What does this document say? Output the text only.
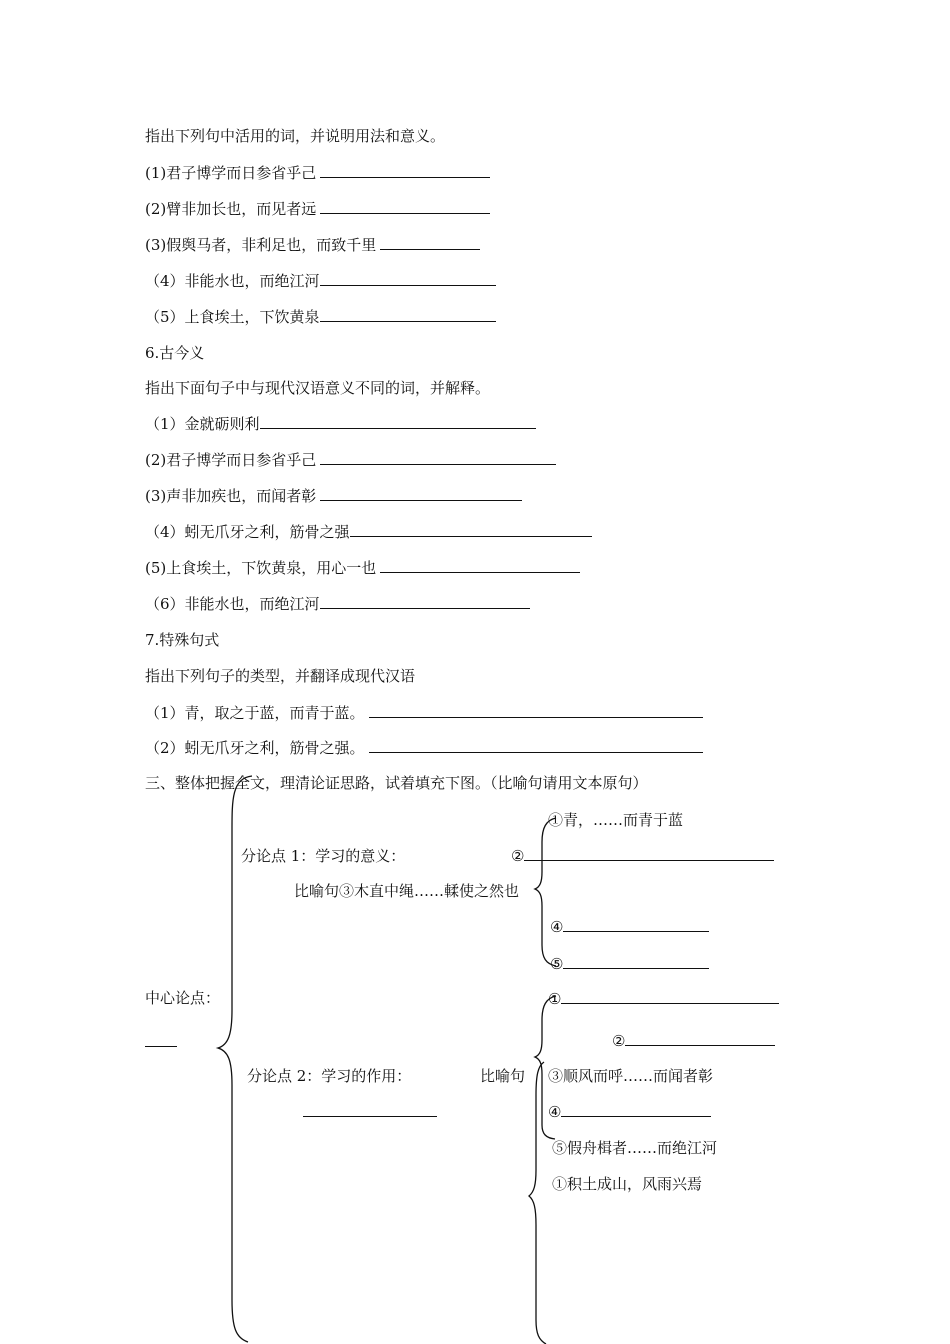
指出下列句中活用的词，并说明用法和意义。
(1)君子博学而日参省乎己
(2)臂非加长也，而见者远
(3)假舆马者，非利足也，而致千里
（4）非能水也，而绝江河
（5）上食埃土，下饮黄泉
6.古今义
指出下面句子中与现代汉语意义不同的词，并解释。
（1）金就砺则利
(2)君子博学而日参省乎己
(3)声非加疾也，而闻者彰
（4）蚓无爪牙之利，筋骨之强
(5)上食埃土，下饮黄泉，用心一也
（6）非能水也，而绝江河
7.特殊句式
指出下列句子的类型，并翻译成现代汉语
（1）青，取之于蓝，而青于蓝。
（2）蚓无爪牙之利，筋骨之强。
三、整体把握全文，理清论证思路，试着填充下图。（比喻句请用文本原句）
中心论点：
分论点 1：学习的意义：
比喻句③木直中绳……輮使之然也
①青，……而青于蓝
②
④
⑤
分论点 2：学习的作用：	比喻句
①
②
③顺风而呼……而闻者彰
④
⑤假舟楫者……而绝江河
①积土成山，风雨兴焉
